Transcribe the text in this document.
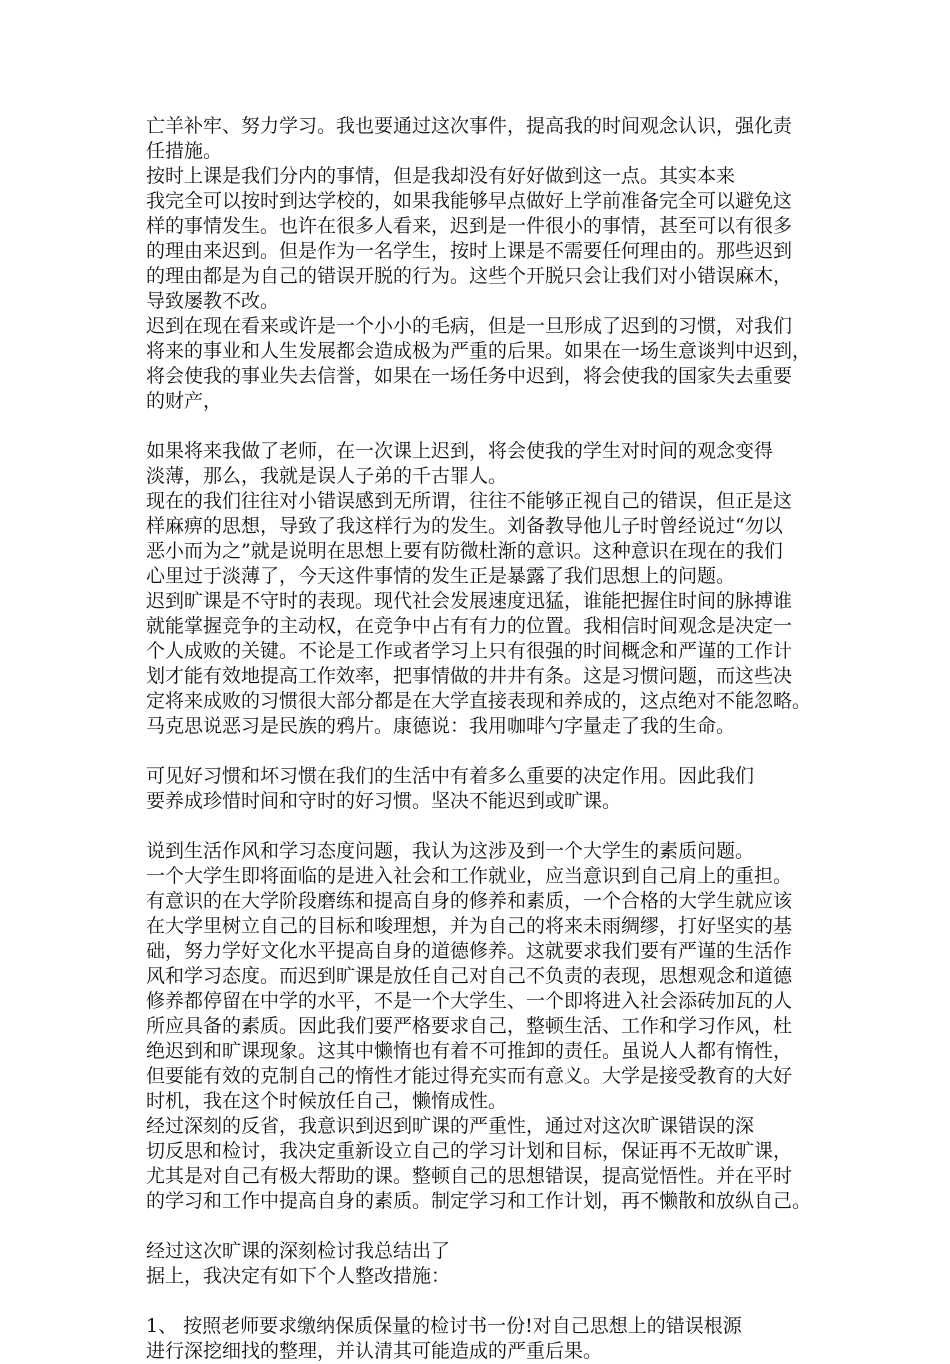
亡羊补牢、努力学习。我也要通过这次事件，提高我的时间观念认识，强化责
任措施。
按时上课是我们分内的事情，但是我却没有好好做到这一点。其实本来
我完全可以按时到达学校的，如果我能够早点做好上学前准备完全可以避免这
样的事情发生。也许在很多人看来，迟到是一件很小的事情，甚至可以有很多
的理由来迟到。但是作为一名学生，按时上课是不需要任何理由的。那些迟到
的理由都是为自己的错误开脱的行为。这些个开脱只会让我们对小错误麻木，
导致屡教不改。
迟到在现在看来或许是一个小小的毛病，但是一旦形成了迟到的习惯，对我们
将来的事业和人生发展都会造成极为严重的后果。如果在一场生意谈判中迟到，
将会使我的事业失去信誉，如果在一场任务中迟到，将会使我的国家失去重要
的财产，
如果将来我做了老师，在一次课上迟到，将会使我的学生对时间的观念变得
淡薄，那么，我就是误人子弟的千古罪人。
现在的我们往往对小错误感到无所谓，往往不能够正视自己的错误，但正是这
样麻痹的思想，导致了我这样行为的发生。刘备教导他儿子时曾经说过“勿以
恶小而为之”就是说明在思想上要有防微杜渐的意识。这种意识在现在的我们
心里过于淡薄了，今天这件事情的发生正是暴露了我们思想上的问题。
迟到旷课是不守时的表现。现代社会发展速度迅猛，谁能把握住时间的脉搏谁
就能掌握竞争的主动权，在竞争中占有有力的位置。我相信时间观念是决定一
个人成败的关键。不论是工作或者学习上只有很强的时间概念和严谨的工作计
划才能有效地提高工作效率，把事情做的井井有条。这是习惯问题，而这些决
定将来成败的习惯很大部分都是在大学直接表现和养成的，这点绝对不能忽略。
马克思说恶习是民族的鸦片。康德说：我用咖啡勺字量走了我的生命。
可见好习惯和坏习惯在我们的生活中有着多么重要的决定作用。因此我们
要养成珍惜时间和守时的好习惯。坚决不能迟到或旷课。
说到生活作风和学习态度问题，我认为这涉及到一个大学生的素质问题。
一个大学生即将面临的是进入社会和工作就业，应当意识到自己肩上的重担。
有意识的在大学阶段磨练和提高自身的修养和素质，一个合格的大学生就应该
在大学里树立自己的目标和唆理想，并为自己的将来未雨绸缪，打好坚实的基
础，努力学好文化水平提高自身的道德修养。这就要求我们要有严谨的生活作
风和学习态度。而迟到旷课是放任自己对自己不负责的表现，思想观念和道德
修养都停留在中学的水平，不是一个大学生、一个即将进入社会添砖加瓦的人
所应具备的素质。因此我们要严格要求自己，整顿生活、工作和学习作风，杜
绝迟到和旷课现象。这其中懒惰也有着不可推卸的责任。虽说人人都有惰性，
但要能有效的克制自己的惰性才能过得充实而有意义。大学是接受教育的大好
时机，我在这个时候放任自己，懒惰成性。
经过深刻的反省，我意识到迟到旷课的严重性，通过对这次旷课错误的深
切反思和检讨，我决定重新设立自己的学习计划和目标，保证再不无故旷课，
尤其是对自己有极大帮助的课。整顿自己的思想错误，提高觉悟性。并在平时
的学习和工作中提高自身的素质。制定学习和工作计划，再不懒散和放纵自己。
经过这次旷课的深刻检讨我总结出了
据上，我决定有如下个人整改措施：
1、 按照老师要求缴纳保质保量的检讨书一份!对自己思想上的错误根源
进行深挖细找的整理，并认清其可能造成的严重后果。
